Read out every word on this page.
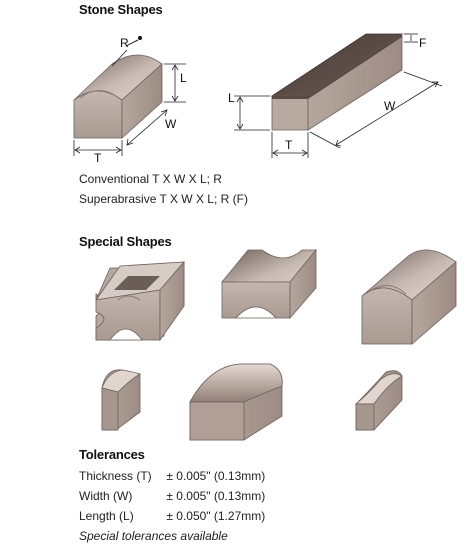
Stone Shapes
R
L
W
T
F
L
W
T
Conventional T X W X L; R
Superabrasive T X W X L; R (F)
Special Shapes
Tolerances
Thickness (T) ± 0.005" (0.13mm)
Width (W)	± 0.005" (0.13mm)
Length (L)	± 0.050" (1.27mm)
Special tolerances available
